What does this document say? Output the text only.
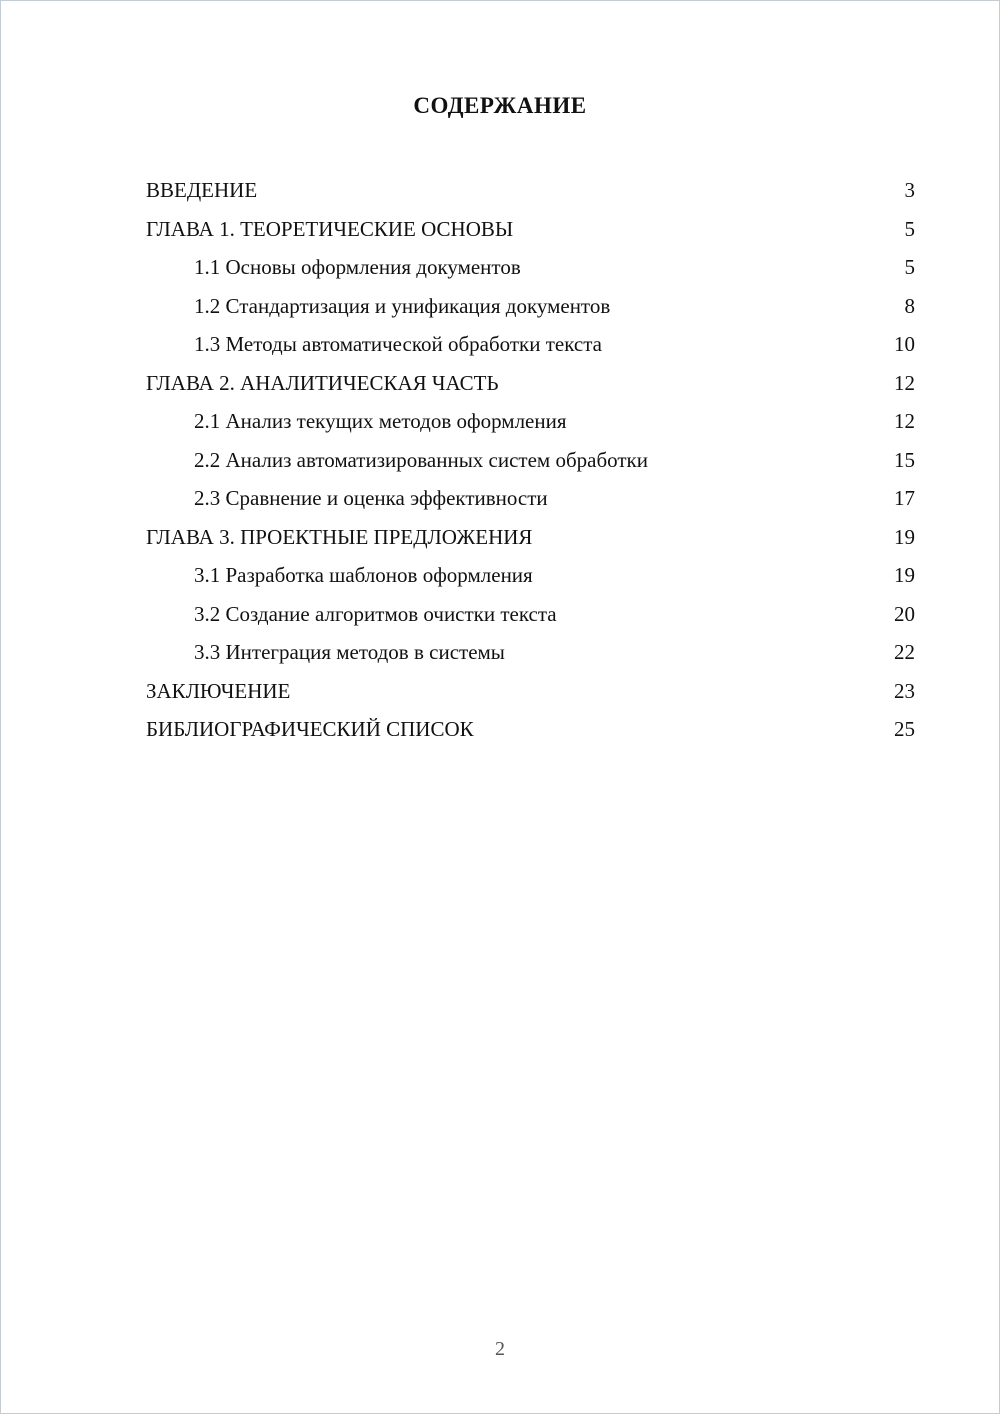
СОДЕРЖАНИЕ
ВВЕДЕНИЕ	3
ГЛАВА 1. ТЕОРЕТИЧЕСКИЕ ОСНОВЫ	5
1.1 Основы оформления документов	5
1.2 Стандартизация и унификация документов	8
1.3 Методы автоматической обработки текста	10
ГЛАВА 2. АНАЛИТИЧЕСКАЯ ЧАСТЬ	12
2.1 Анализ текущих методов оформления	12
2.2 Анализ автоматизированных систем обработки	15
2.3 Сравнение и оценка эффективности	17
ГЛАВА 3. ПРОЕКТНЫЕ ПРЕДЛОЖЕНИЯ	19
3.1 Разработка шаблонов оформления	19
3.2 Создание алгоритмов очистки текста	20
3.3 Интеграция методов в системы	22
ЗАКЛЮЧЕНИЕ	23
БИБЛИОГРАФИЧЕСКИЙ СПИСОК	25
2
